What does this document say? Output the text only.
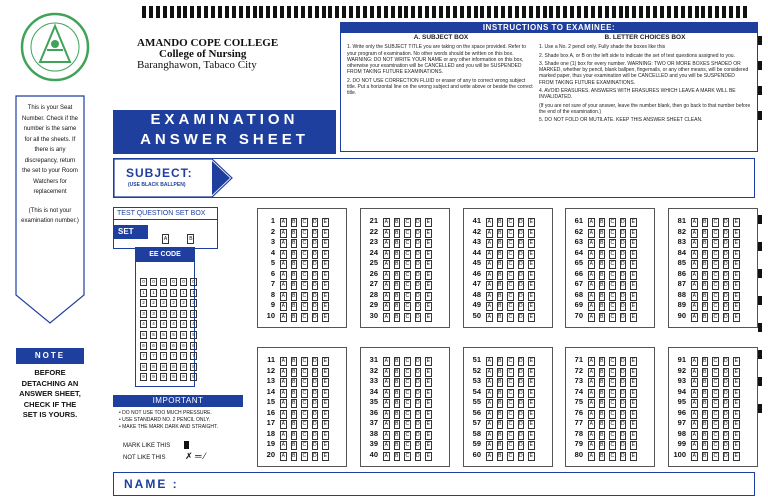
AMANDO COPE COLLEGE
College of Nursing
Baranghawon, Tabaco City
INSTRUCTIONS TO EXAMINEE:
A. SUBJECT BOX

1. Write only the SUBJECT TITLE you are taking on the space provided. Refer to your program of examination. No other words should be written on this box. WARNING: DO NOT WRITE YOUR NAME or any other information on this box, otherwise your examination will be CANCELLED and you will be SUSPENDED FROM TAKING FUTURE EXAMINATIONS.

2. DO NOT USE CORRECTION FLUID or eraser of any to correct wrong subject title. Put a horizontal line on the wrong subject and write above or beside the correct title.

B. LETTER CHOICES BOX

1. Use a No. 2 pencil only. Fully shade the boxes like this

2. Shade box A, or B on the left side to indicate the set of test questions assigned to you.

3. Shade one (1) box for every number. WARNING: TWO OR MORE BOXES SHADED OR MARKED, whether by pencil, blank ballpen, fingernails, or any other means, will be considered marked paper, thus your examination will be CANCELLED and you will be SUSPENDED FROM TAKING FUTURE EXAMINATIONS.

4. AVOID ERASURES. ANSWERS WITH ERASURES WHICH LEAVE A MARK WILL BE INVALIDATED.

(If you are not sure of your answer, leave the number blank, then go back to that number before the end of the examination.)

5. DO NOT FOLD OR MUTILATE. KEEP THIS ANSWER SHEET CLEAN.

EXAMINATION
ANSWER SHEET
This is your Seat Number. Check if the number is the same for all the sheets. If there is any discrepancy, return the set to your Room Watchers for replacement
(This is not your examination number.)
NOTE
BEFORE DETACHING AN ANSWER SHEET, CHECK IF THE SET IS YOURS.
SUBJECT:
(USE BLACK BALLPEN)
TEST QUESTION SET BOX
SET
A	B
EE CODE
0
1
2
3
4
5
6
7
8
9
0
1
2
3
4
5
6
7
8
9
0
1
2
3
4
5
6
7
8
9
0
1
2
3
4
5
6
7
8
9
0
1
2
3
4
5
6
7
8
9
0
1
2
3
4
5
6
7
8
9
IMPORTANT
• DO NOT USE TOO MUCH PRESSURE.
• USE STANDARD NO. 2 PENCIL ONLY.
• MAKE THE MARK DARK AND STRAIGHT.
MARK LIKE THIS
NOT LIKE THIS ✗ ═ ⁄
1 A B C D E
2 A B C D E
3 A B C D E
4 A B C D E
5 A B C D E
6 A B C D E
7 A B C D E
8 A B C D E
9 A B C D E
10 A B C D E
11 A B C D E
12 A B C D E
13 A B C D E
14 A B C D E
15 A B C D E
16 A B C D E
17 A B C D E
18 A B C D E
19 A B C D E
20 A B C D E
21 A B C D E
22 A B C D E
23 A B C D E
24 A B C D E
25 A B C D E
26 A B C D E
27 A B C D E
28 A B C D E
29 A B C D E
30 A B C D E
31 A B C D E
32 A B C D E
33 A B C D E
34 A B C D E
35 A B C D E
36 A B C D E
37 A B C D E
38 A B C D E
39 A B C D E
40 A B C D E
41 A B C D E
42 A B C D E
43 A B C D E
44 A B C D E
45 A B C D E
46 A B C D E
47 A B C D E
48 A B C D E
49 A B C D E
50 A B C D E
51 A B C D E
52 A B C D E
53 A B C D E
54 A B C D E
55 A B C D E
56 A B C D E
57 A B C D E
58 A B C D E
59 A B C D E
60 A B C D E
61 A B C D E
62 A B C D E
63 A B C D E
64 A B C D E
65 A B C D E
66 A B C D E
67 A B C D E
68 A B C D E
69 A B C D E
70 A B C D E
71 A B C D E
72 A B C D E
73 A B C D E
74 A B C D E
75 A B C D E
76 A B C D E
77 A B C D E
78 A B C D E
79 A B C D E
80 A B C D E
81 A B C D E
82 A B C D E
83 A B C D E
84 A B C D E
85 A B C D E
86 A B C D E
87 A B C D E
88 A B C D E
89 A B C D E
90 A B C D E
91 A B C D E
92 A B C D E
93 A B C D E
94 A B C D E
95 A B C D E
96 A B C D E
97 A B C D E
98 A B C D E
99 A B C D E
100 A B C D E
NAME :
